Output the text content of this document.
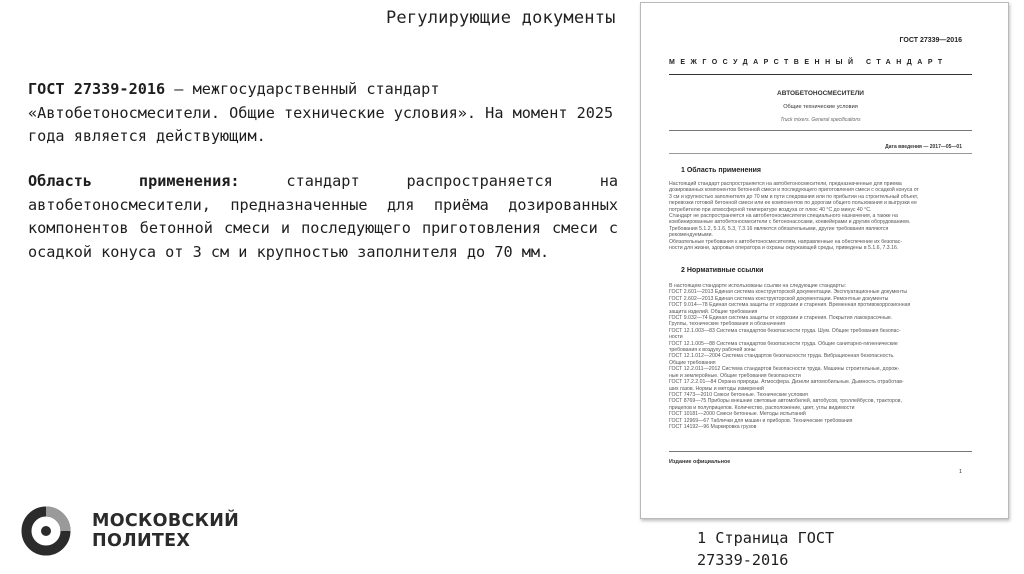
Регулирующие документы
ГОСТ 27339-2016 — межгосударственный стандарт «Автобетоносмесители. Общие технические условия». На момент 2025 года является действующим.
Область применения: стандарт распространяется на автобетоносмесители, предназначенные для приёма дозированных компонентов бетонной смеси и последующего приготовления смеси с осадкой конуса от 3 см и крупностью заполнителя до 70 мм.
ГОСТ 27339—2016
МЕЖГОСУДАРСТВЕННЫЙ СТАНДАРТ
АВТОБЕТОНОСМЕСИТЕЛИ
Общие технические условия
Truck mixers. General specifications
Дата введения — 2017—05—01
1 Область применения
Настоящий стандарт распространяется на автобетоносмесители, предназначенные для приема
дозированных компонентов бетонной смеси и последующего приготовления смеси с осадкой конуса от
3 см и крупностью заполнителя до 70 мм и пути следования или по прибытии на строительный объект,
перевозки готовой бетонной смеси или ее компонентов по дорогам общего пользования и выгрузки ее
потребителю при атмосферной температуре воздуха от плюс 40 °С до минус 40 °С.
Стандарт не распространяется на автобетоносмесители специального назначения, а также на
комбинированные автобетоносмесители с бетононасосами, конвейерами и другим оборудованием.
Требования 5.1.2, 5.1.6, 5.3, 7.3.16 являются обязательными, другие требования являются
рекомендуемыми.
Обязательные требования к автобетоносмесителям, направленные на обеспечение их безопас-
ности для жизни, здоровья оператора и охраны окружающей среды, приведены в 5.1.6, 7.3.16.
2 Нормативные ссылки
В настоящем стандарте использованы ссылки на следующие стандарты:
ГОСТ 2.601—2013 Единая система конструкторской документации. Эксплуатационные документы
ГОСТ 2.602—2013 Единая система конструкторской документации. Ремонтные документы
ГОСТ 9.014—78 Единая система защиты от коррозии и старения. Временная противокоррозионная
защита изделий. Общие требования
ГОСТ 9.032—74 Единая система защиты от коррозии и старения. Покрытия лакокрасочные.
Группы, технические требования и обозначения
ГОСТ 12.1.003—83 Система стандартов безопасности труда. Шум. Общие требования безопас-
ности
ГОСТ 12.1.005—88 Система стандартов безопасности труда. Общие санитарно-гигиенические
требования к воздуху рабочей зоны
ГОСТ 12.1.012—2004 Система стандартов безопасности труда. Вибрационная безопасность.
Общие требования
ГОСТ 12.2.011—2012 Система стандартов безопасности труда. Машины строительные, дорож-
ные и землеройные. Общие требования безопасности
ГОСТ 17.2.2.01—84 Охрана природы. Атмосфера. Дизели автомобильные. Дымность отработав-
ших газов. Нормы и методы измерений
ГОСТ 7473—2010 Смеси бетонные. Технические условия
ГОСТ 8769—75 Приборы внешние световые автомобилей, автобусов, троллейбусов, тракторов,
прицепов и полуприцепов. Количество, расположение, цвет, углы видимости
ГОСТ 10181—2000 Смеси бетонные. Методы испытаний
ГОСТ 12969—67 Таблички для машин и приборов. Технические требования
ГОСТ 14192—96 Маркировка грузов
Издание официальное
1
1 Страница ГОСТ
27339-2016
МОСКОВСКИЙ
ПОЛИТЕХ
